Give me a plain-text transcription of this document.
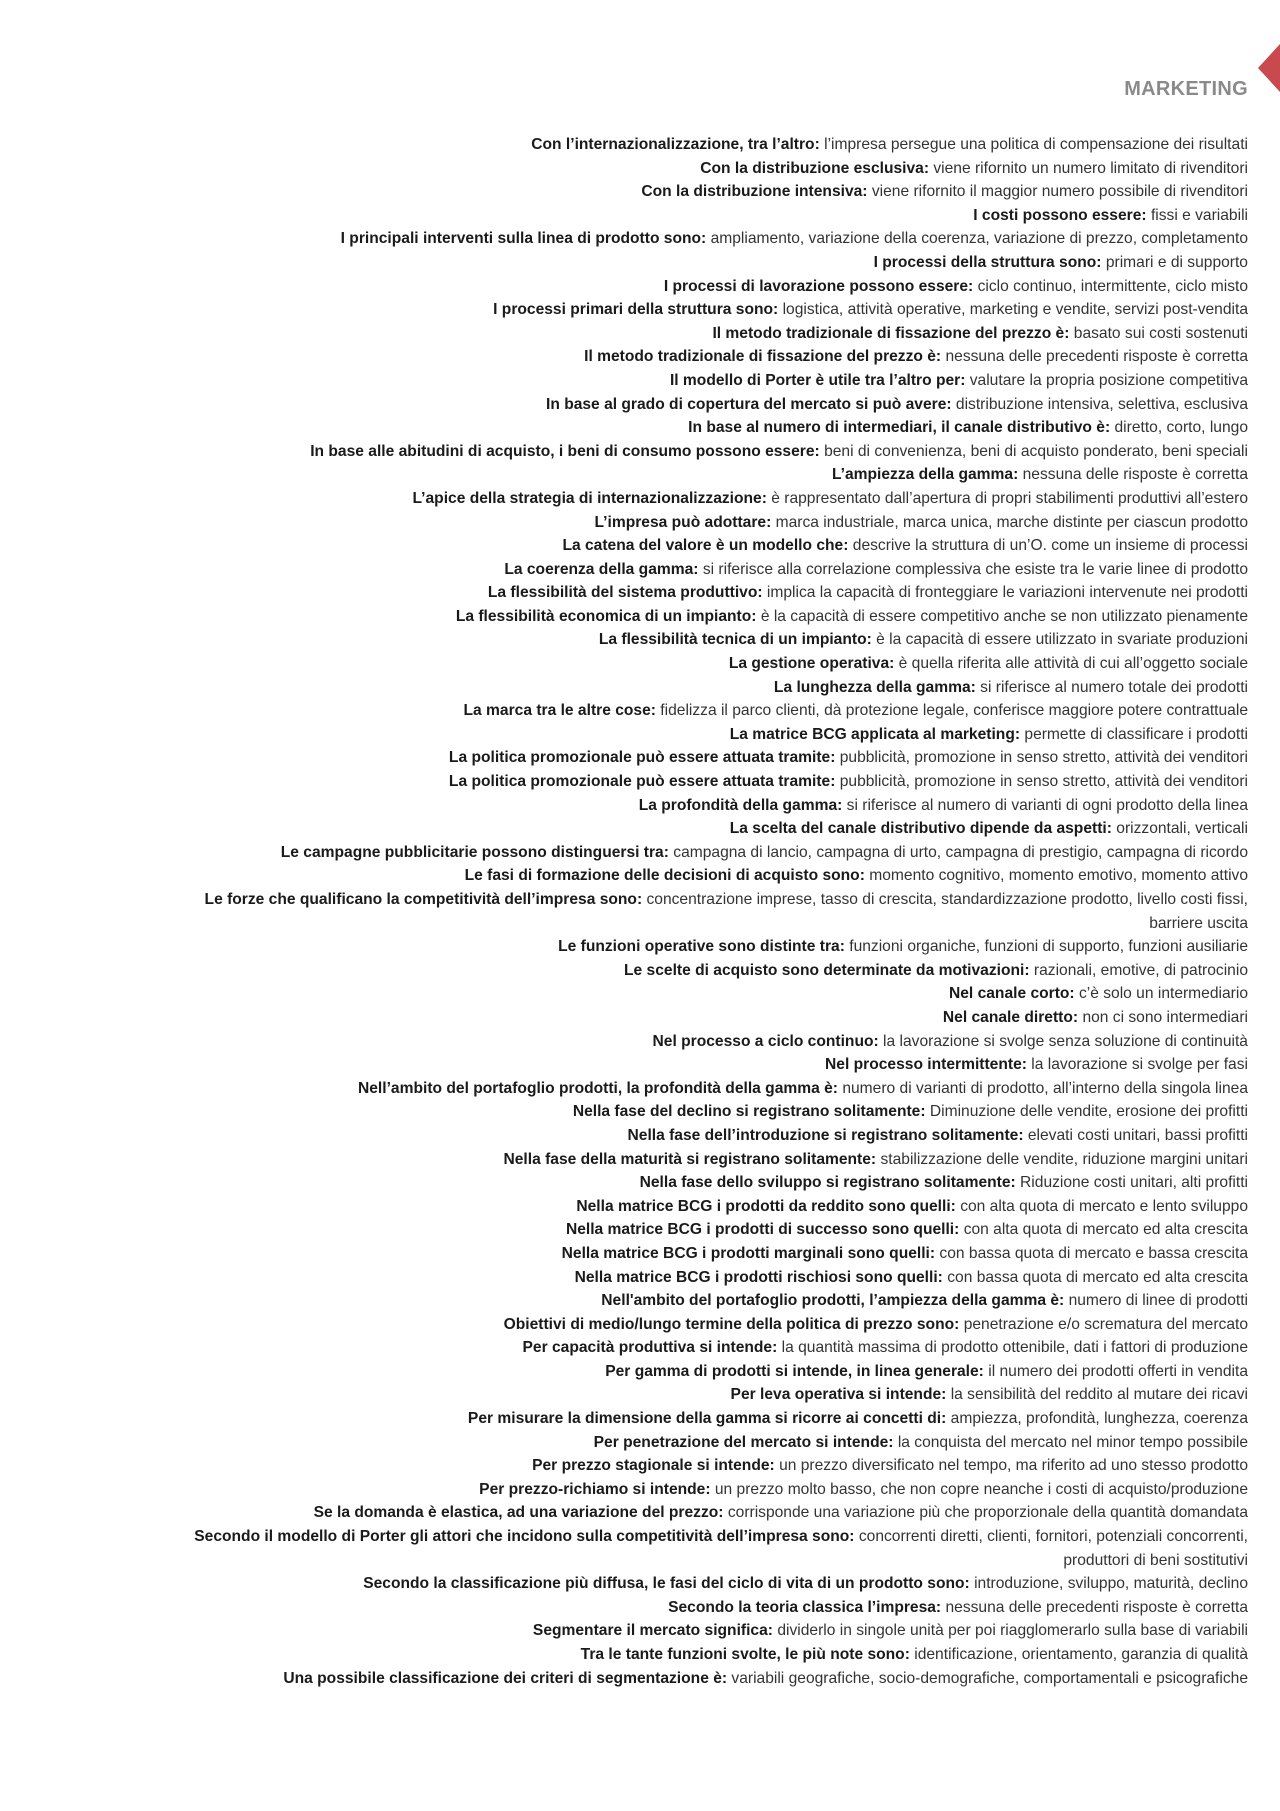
MARKETING

Con l’internazionalizzazione, tra l’altro: l’impresa persegue una politica di compensazione dei risultati

Con la distribuzione esclusiva: viene rifornito un numero limitato di rivenditori

Con la distribuzione intensiva: viene rifornito il maggior numero possibile di rivenditori

I costi possono essere: fissi e variabili

I principali interventi sulla linea di prodotto sono: ampliamento, variazione della coerenza, variazione di prezzo, completamento

I processi della struttura sono: primari e di supporto

I processi di lavorazione possono essere: ciclo continuo, intermittente, ciclo misto

I processi primari della struttura sono: logistica, attività operative, marketing e vendite, servizi post-vendita

Il metodo tradizionale di fissazione del prezzo è: basato sui costi sostenuti

Il metodo tradizionale di fissazione del prezzo è: nessuna delle precedenti risposte è corretta

Il modello di Porter è utile tra l’altro per: valutare la propria posizione competitiva

In base al grado di copertura del mercato si può avere: distribuzione intensiva, selettiva, esclusiva

In base al numero di intermediari, il canale distributivo è: diretto, corto, lungo

In base alle abitudini di acquisto, i beni di consumo possono essere: beni di convenienza, beni di acquisto ponderato, beni speciali

L’ampiezza della gamma: nessuna delle risposte è corretta

L’apice della strategia di internazionalizzazione: è rappresentato dall’apertura di propri stabilimenti produttivi all’estero

L’impresa può adottare: marca industriale, marca unica, marche distinte per ciascun prodotto

La catena del valore è un modello che: descrive la struttura di un’O. come un insieme di processi

La coerenza della gamma: si riferisce alla correlazione complessiva che esiste tra le varie linee di prodotto

La flessibilità del sistema produttivo: implica la capacità di fronteggiare le variazioni intervenute nei prodotti

La flessibilità economica di un impianto: è la capacità di essere competitivo anche se non utilizzato pienamente

La flessibilità tecnica di un impianto: è la capacità di essere utilizzato in svariate produzioni

La gestione operativa: è quella riferita alle attività di cui all’oggetto sociale

La lunghezza della gamma: si riferisce al numero totale dei prodotti

La marca tra le altre cose: fidelizza il parco clienti, dà protezione legale, conferisce maggiore potere contrattuale

La matrice BCG applicata al marketing: permette di classificare i prodotti

La politica promozionale può essere attuata tramite: pubblicità, promozione in senso stretto, attività dei venditori

La politica promozionale può essere attuata tramite: pubblicità, promozione in senso stretto, attività dei venditori

La profondità della gamma: si riferisce al numero di varianti di ogni prodotto della linea

La scelta del canale distributivo dipende da aspetti: orizzontali, verticali

Le campagne pubblicitarie possono distinguersi tra: campagna di lancio, campagna di urto, campagna di prestigio, campagna di ricordo

Le fasi di formazione delle decisioni di acquisto sono: momento cognitivo, momento emotivo, momento attivo

Le forze che qualificano la competitività dell’impresa sono: concentrazione imprese, tasso di crescita, standardizzazione prodotto, livello costi fissi, barriere uscita

Le funzioni operative sono distinte tra: funzioni organiche, funzioni di supporto, funzioni ausiliarie

Le scelte di acquisto sono determinate da motivazioni: razionali, emotive, di patrocinio

Nel canale corto: c’è solo un intermediario

Nel canale diretto: non ci sono intermediari

Nel processo a ciclo continuo: la lavorazione si svolge senza soluzione di continuità

Nel processo intermittente: la lavorazione si svolge per fasi

Nell’ambito del portafoglio prodotti, la profondità della gamma è: numero di varianti di prodotto, all’interno della singola linea

Nella fase del declino si registrano solitamente: Diminuzione delle vendite, erosione dei profitti

Nella fase dell’introduzione si registrano solitamente: elevati costi unitari, bassi profitti

Nella fase della maturità si registrano solitamente: stabilizzazione delle vendite, riduzione margini unitari

Nella fase dello sviluppo si registrano solitamente: Riduzione costi unitari, alti profitti

Nella matrice BCG i prodotti da reddito sono quelli: con alta quota di mercato e lento sviluppo

Nella matrice BCG i prodotti di successo sono quelli: con alta quota di mercato ed alta crescita

Nella matrice BCG i prodotti marginali sono quelli: con bassa quota di mercato e bassa crescita

Nella matrice BCG i prodotti rischiosi sono quelli: con bassa quota di mercato ed alta crescita

Nell'ambito del portafoglio prodotti, l’ampiezza della gamma è: numero di linee di prodotti

Obiettivi di medio/lungo termine della politica di prezzo sono: penetrazione e/o scrematura del mercato

Per capacità produttiva si intende: la quantità massima di prodotto ottenibile, dati i fattori di produzione

Per gamma di prodotti si intende, in linea generale: il numero dei prodotti offerti in vendita

Per leva operativa si intende: la sensibilità del reddito al mutare dei ricavi

Per misurare la dimensione della gamma si ricorre ai concetti di: ampiezza, profondità, lunghezza, coerenza

Per penetrazione del mercato si intende: la conquista del mercato nel minor tempo possibile

Per prezzo stagionale si intende: un prezzo diversificato nel tempo, ma riferito ad uno stesso prodotto

Per prezzo-richiamo si intende: un prezzo molto basso, che non copre neanche i costi di acquisto/produzione

Se la domanda è elastica, ad una variazione del prezzo: corrisponde una variazione più che proporzionale della quantità domandata

Secondo il modello di Porter gli attori che incidono sulla competitività dell’impresa sono: concorrenti diretti, clienti, fornitori, potenziali concorrenti, produttori di beni sostitutivi

Secondo la classificazione più diffusa, le fasi del ciclo di vita di un prodotto sono: introduzione, sviluppo, maturità, declino

Secondo la teoria classica l’impresa: nessuna delle precedenti risposte è corretta

Segmentare il mercato significa: dividerlo in singole unità per poi riagglomerarlo sulla base di variabili

Tra le tante funzioni svolte, le più note sono: identificazione, orientamento, garanzia di qualità

Una possibile classificazione dei criteri di segmentazione è: variabili geografiche, socio-demografiche, comportamentali e psicografiche
